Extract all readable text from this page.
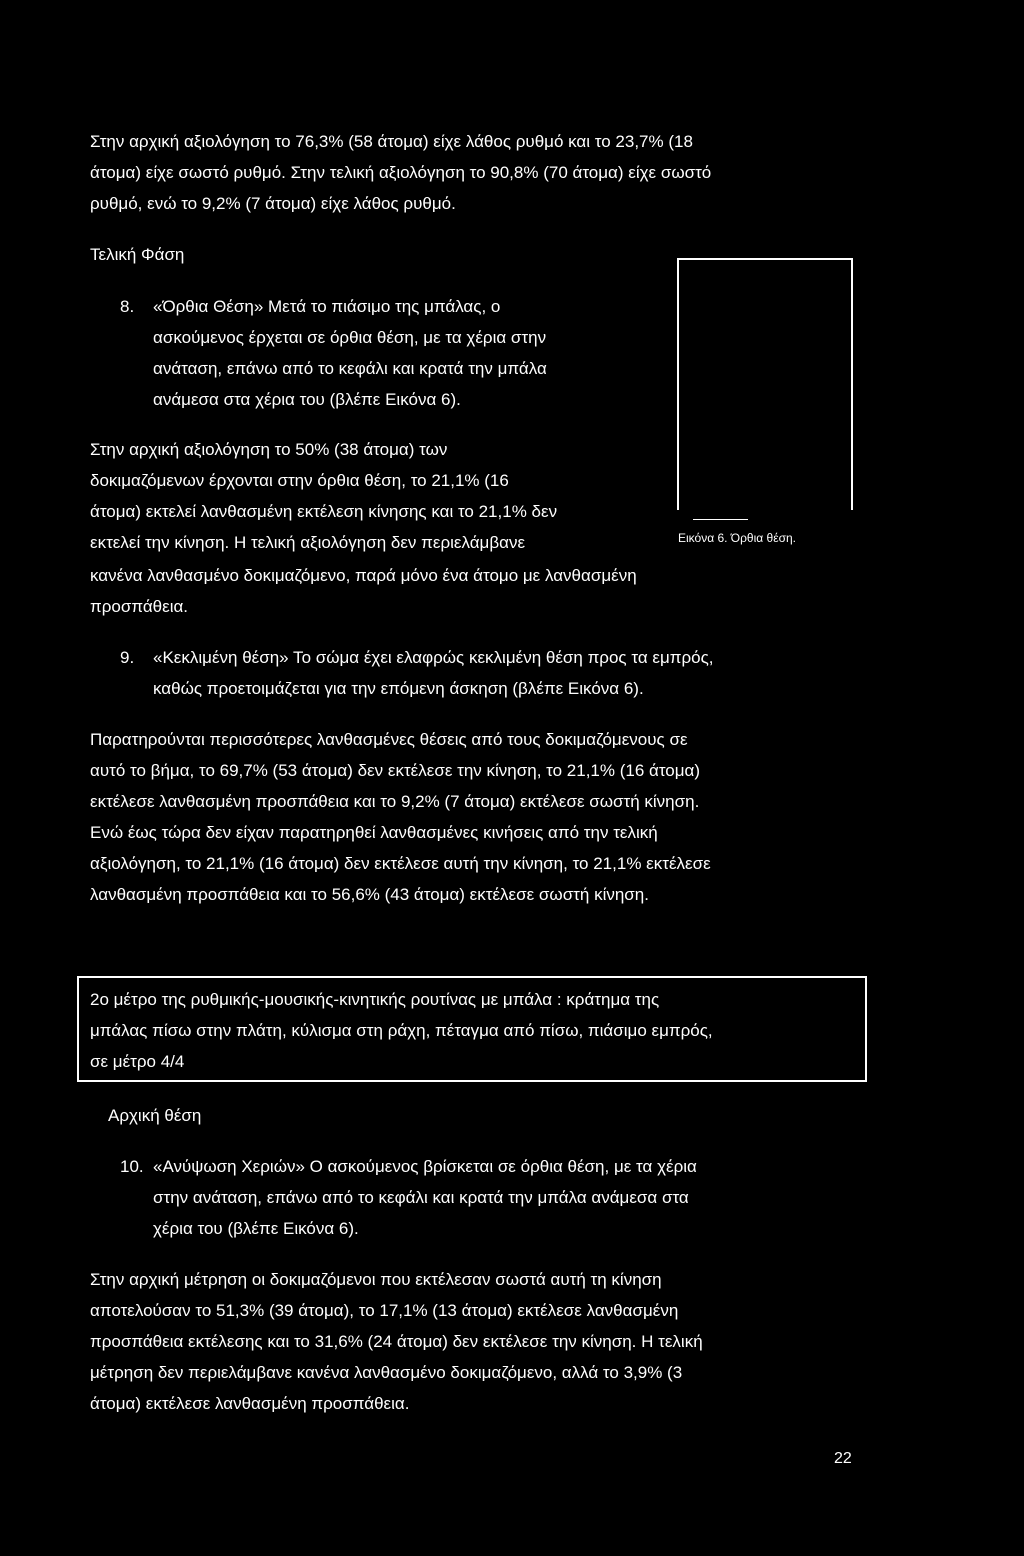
Στην αρχική αξιολόγηση το 76,3% (58 άτομα) είχε λάθος ρυθμό και το 23,7% (18
άτομα) είχε σωστό ρυθμό. Στην τελική αξιολόγηση το 90,8% (70 άτομα) είχε σωστό
ρυθμό, ενώ το 9,2% (7 άτομα) είχε λάθος ρυθμό.
Τελική Φάση
Εικόνα 6. Όρθια θέση.
8. «Όρθια Θέση» Μετά το πιάσιμο της μπάλας, ο
ασκούμενος έρχεται σε όρθια θέση, με τα χέρια στην
ανάταση, επάνω από το κεφάλι και κρατά την μπάλα
ανάμεσα στα χέρια του (βλέπε Εικόνα 6).
Στην αρχική αξιολόγηση το 50% (38 άτομα) των
δοκιμαζόμενων έρχονται στην όρθια θέση, το 21,1% (16
άτομα) εκτελεί λανθασμένη εκτέλεση κίνησης και το 21,1% δεν
εκτελεί την κίνηση. Η τελική αξιολόγηση δεν περιελάμβανε
κανένα λανθασμένο δοκιμαζόμενο, παρά μόνο ένα άτομο με λανθασμένη
προσπάθεια.
9. «Κεκλιμένη θέση» Το σώμα έχει ελαφρώς κεκλιμένη θέση προς τα εμπρός,
καθώς προετοιμάζεται για την επόμενη άσκηση (βλέπε Εικόνα 6).
Παρατηρούνται περισσότερες λανθασμένες θέσεις από τους δοκιμαζόμενους σε
αυτό το βήμα, το 69,7% (53 άτομα) δεν εκτέλεσε την κίνηση, το 21,1% (16 άτομα)
εκτέλεσε λανθασμένη προσπάθεια και το 9,2% (7 άτομα) εκτέλεσε σωστή κίνηση.
Ενώ έως τώρα δεν είχαν παρατηρηθεί λανθασμένες κινήσεις από την τελική
αξιολόγηση, το 21,1% (16 άτομα) δεν εκτέλεσε αυτή την κίνηση, το 21,1% εκτέλεσε
λανθασμένη προσπάθεια και το 56,6% (43 άτομα) εκτέλεσε σωστή κίνηση.
2ο μέτρο της ρυθμικής-μουσικής-κινητικής ρουτίνας με μπάλα : κράτημα της
μπάλας πίσω στην πλάτη, κύλισμα στη ράχη, πέταγμα από πίσω, πιάσιμο εμπρός,
σε μέτρο 4/4
Αρχική θέση
10. «Ανύψωση Χεριών» Ο ασκούμενος βρίσκεται σε όρθια θέση, με τα χέρια
στην ανάταση, επάνω από το κεφάλι και κρατά την μπάλα ανάμεσα στα
χέρια του (βλέπε Εικόνα 6).
Στην αρχική μέτρηση οι δοκιμαζόμενοι που εκτέλεσαν σωστά αυτή τη κίνηση
αποτελούσαν το 51,3% (39 άτομα), το 17,1% (13 άτομα) εκτέλεσε λανθασμένη
προσπάθεια εκτέλεσης και το 31,6% (24 άτομα) δεν εκτέλεσε την κίνηση. Η τελική
μέτρηση δεν περιελάμβανε κανένα λανθασμένο δοκιμαζόμενο, αλλά το 3,9% (3
άτομα) εκτέλεσε λανθασμένη προσπάθεια.
22
